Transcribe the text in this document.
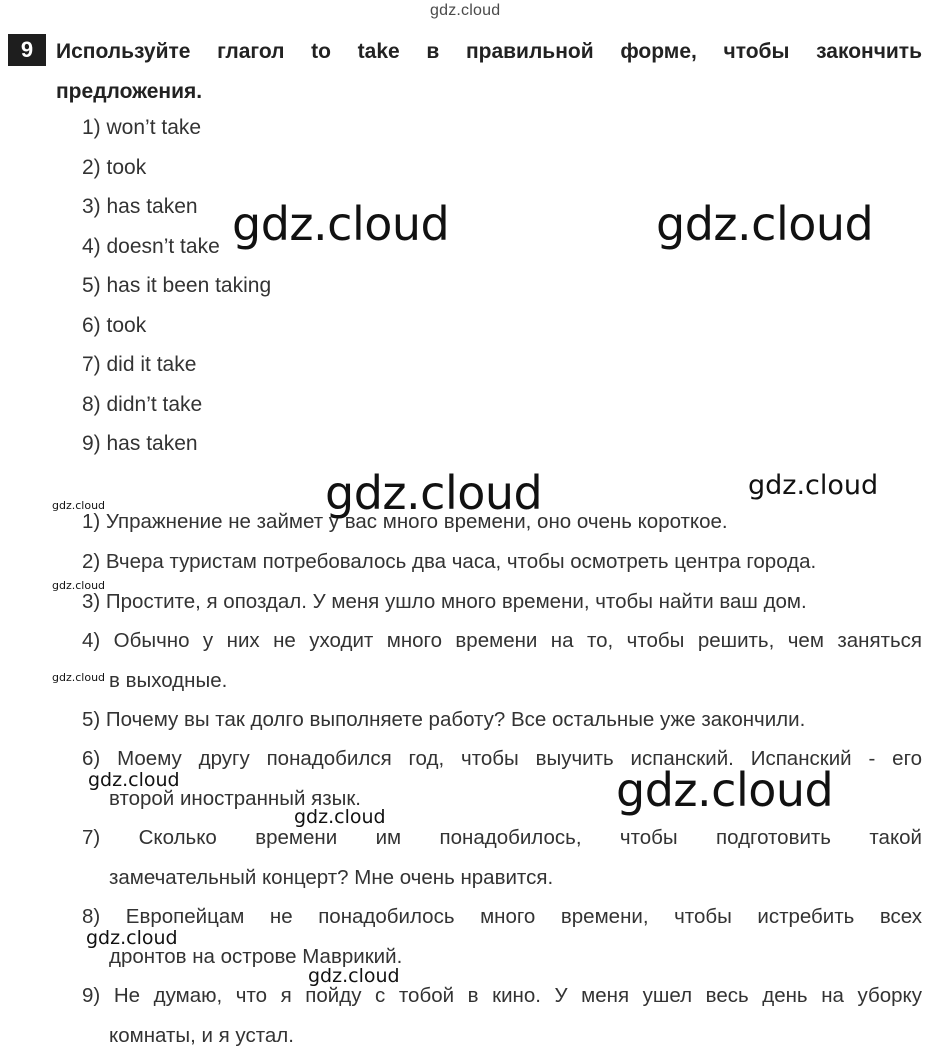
gdz.cloud
9	Используйте глагол to take в правильной форме, чтобы закончить предложения.
1) won’t take
2) took
3) has taken
4) doesn’t take
5) has it been taking
6) took
7) did it take
8) didn’t take
9) has taken
1) Упражнение не займет у вас много времени, оно очень короткое.
2) Вчера туристам потребовалось два часа, чтобы осмотреть центра города.
3) Простите, я опоздал. У меня ушло много времени, чтобы найти ваш дом.
4) Обычно у них не уходит много времени на то, чтобы решить, чем заняться
в выходные.
5) Почему вы так долго выполняете работу? Все остальные уже закончили.
6) Моему другу понадобился год, чтобы выучить испанский. Испанский - его
второй иностранный язык.
7) Сколько времени им понадобилось, чтобы подготовить такой
замечательный концерт? Мне очень нравится.
8) Европейцам не понадобилось много времени, чтобы истребить всех
дронтов на острове Маврикий.
9) Не думаю, что я пойду с тобой в кино. У меня ушел весь день на уборку
комнаты, и я устал.
gdz.cloud	gdz.cloud
gdz.cloud
gdz.cloud
gdz.cloud
gdz.cloud
gdz.cloud
gdz.cloud
gdz.cloud
gdz.cloud
gdz.cloud
gdz.cloud
